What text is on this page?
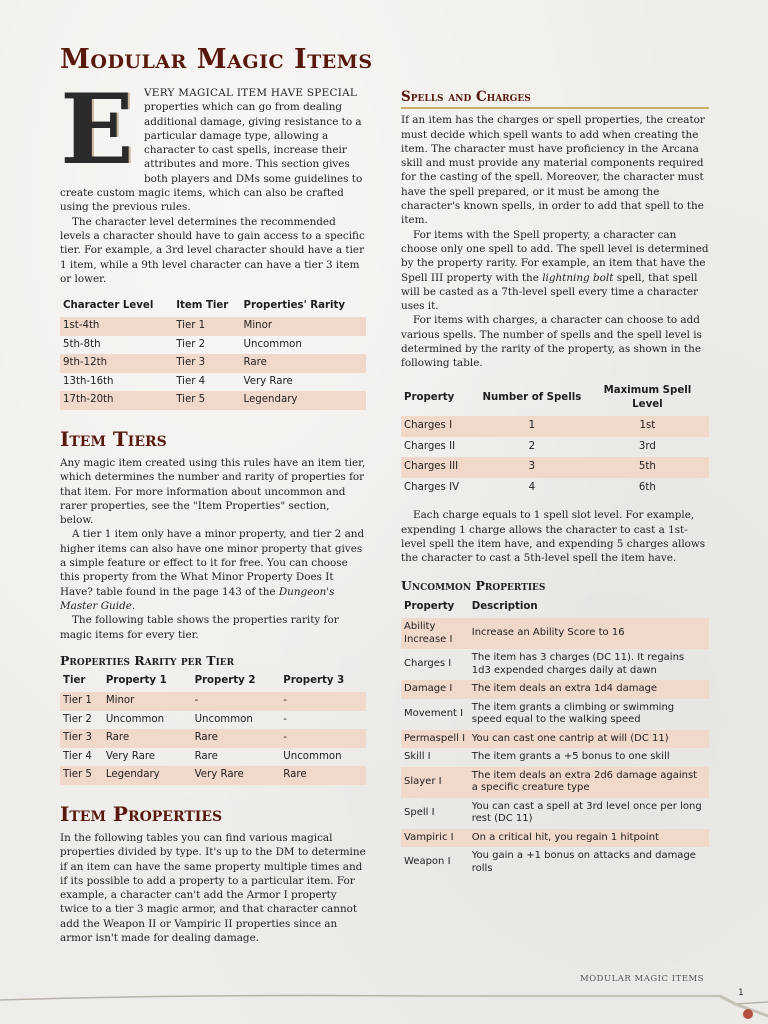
Modular Magic Items
E	VERY MAGICAL ITEM HAVE SPECIAL properties which can go from dealing additional damage, giving resistance to a particular damage type, allowing a character to cast spells, increase their attributes and more. This section gives both players and DMs some guidelines to create custom magic items, which can also be crafted using the previous rules.

The character level determines the recommended levels a character should have to gain access to a specific tier. For example, a 3rd level character should have a tier 1 item, while a 9th level character can have a tier 3 item or lower.

Character Level	Item Tier	Properties' Rarity
1st-4th	Tier 1	Minor
5th-8th	Tier 2	Uncommon
9th-12th	Tier 3	Rare
13th-16th	Tier 4	Very Rare
17th-20th	Tier 5	Legendary
Item Tiers

Any magic item created using this rules have an item tier, which determines the number and rarity of properties for that item. For more information about uncommon and rarer properties, see the "Item Properties" section, below.

A tier 1 item only have a minor property, and tier 2 and higher items can also have one minor property that gives a simple feature or effect to it for free. You can choose this property from the What Minor Property Does It Have? table found in the page 143 of the Dungeon's Master Guide.

The following table shows the properties rarity for magic items for every tier.

Properties Rarity per Tier
Tier	Property 1	Property 2	Property 3
Tier 1	Minor	-	-
Tier 2	Uncommon	Uncommon	-
Tier 3	Rare	Rare	-
Tier 4	Very Rare	Rare	Uncommon
Tier 5	Legendary	Very Rare	Rare
Item Properties

In the following tables you can find various magical properties divided by type. It's up to the DM to determine if an item can have the same property multiple times and if its possible to add a property to a particular item. For example, a character can't add the Armor I property twice to a tier 3 magic armor, and that character cannot add the Weapon II or Vampiric II properties since an armor isn't made for dealing damage.

Spells and Charges

If an item has the charges or spell properties, the creator must decide which spell wants to add when creating the item. The character must have proficiency in the Arcana skill and must provide any material components required for the casting of the spell. Moreover, the character must have the spell prepared, or it must be among the character's known spells, in order to add that spell to the item.

For items with the Spell property, a character can choose only one spell to add. The spell level is determined by the property rarity. For example, an item that have the Spell III property with the lightning bolt spell, that spell will be casted as a 7th-level spell every time a character uses it.

For items with charges, a character can choose to add various spells. The number of spells and the spell level is determined by the rarity of the property, as shown in the following table.

Property	Number of Spells	Maximum Spell Level
Charges I	1	1st
Charges II	2	3rd
Charges III	3	5th
Charges IV	4	6th

Each charge equals to 1 spell slot level. For example, expending 1 charge allows the character to cast a 1st-level spell the item have, and expending 5 charges allows the character to cast a 5th-level spell the item have.

Uncommon Properties
Property	Description
Ability Increase I	Increase an Ability Score to 16
Charges I	The item has 3 charges (DC 11). It regains 1d3 expended charges daily at dawn
Damage I	The item deals an extra 1d4 damage
Movement I	The item grants a climbing or swimming speed equal to the walking speed
Permaspell I	You can cast one cantrip at will (DC 11)
Skill I	The item grants a +5 bonus to one skill
Slayer I	The item deals an extra 2d6 damage against a specific creature type
Spell I	You can cast a spell at 3rd level once per long rest (DC 11)
Vampiric I	On a critical hit, you regain 1 hitpoint
Weapon I	You gain a +1 bonus on attacks and damage rolls
MODULAR MAGIC ITEMS
1
